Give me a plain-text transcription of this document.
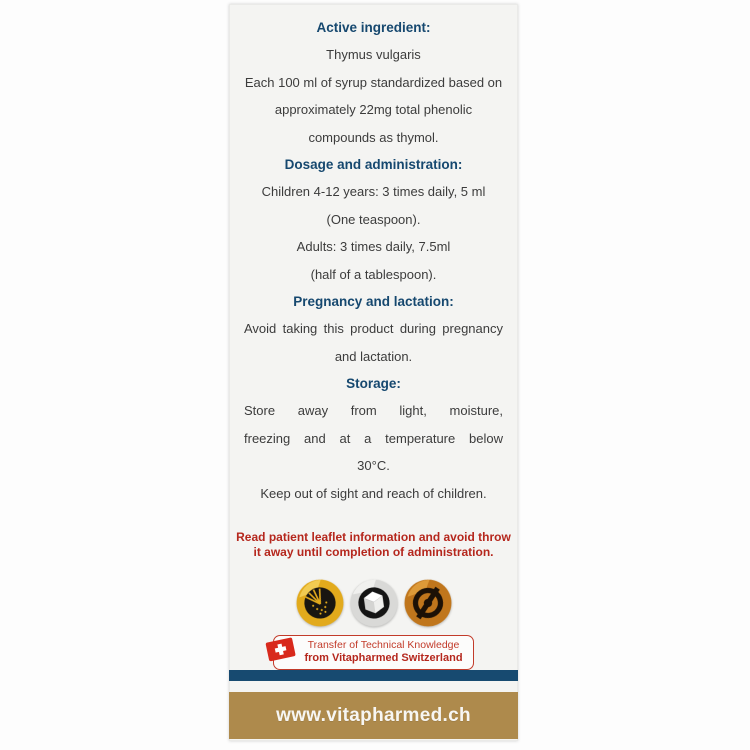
Active ingredient:
Thymus vulgaris
Each 100 ml of syrup standardized based on
approximately 22mg total phenolic
compounds as thymol.
Dosage and administration:
Children 4-12 years: 3 times daily, 5 ml
(One teaspoon).
Adults: 3 times daily, 7.5ml
(half of a tablespoon).
Pregnancy and lactation:
Avoid taking this product during pregnancy
and lactation.
Storage:
Store away from light, moisture,
freezing and at a temperature below
30°C.
Keep out of sight and reach of children.
Read patient leaflet information and avoid throw
it away until completion of administration.
Transfer of Technical Knowledge
from Vitapharmed Switzerland
www.vitapharmed.ch
